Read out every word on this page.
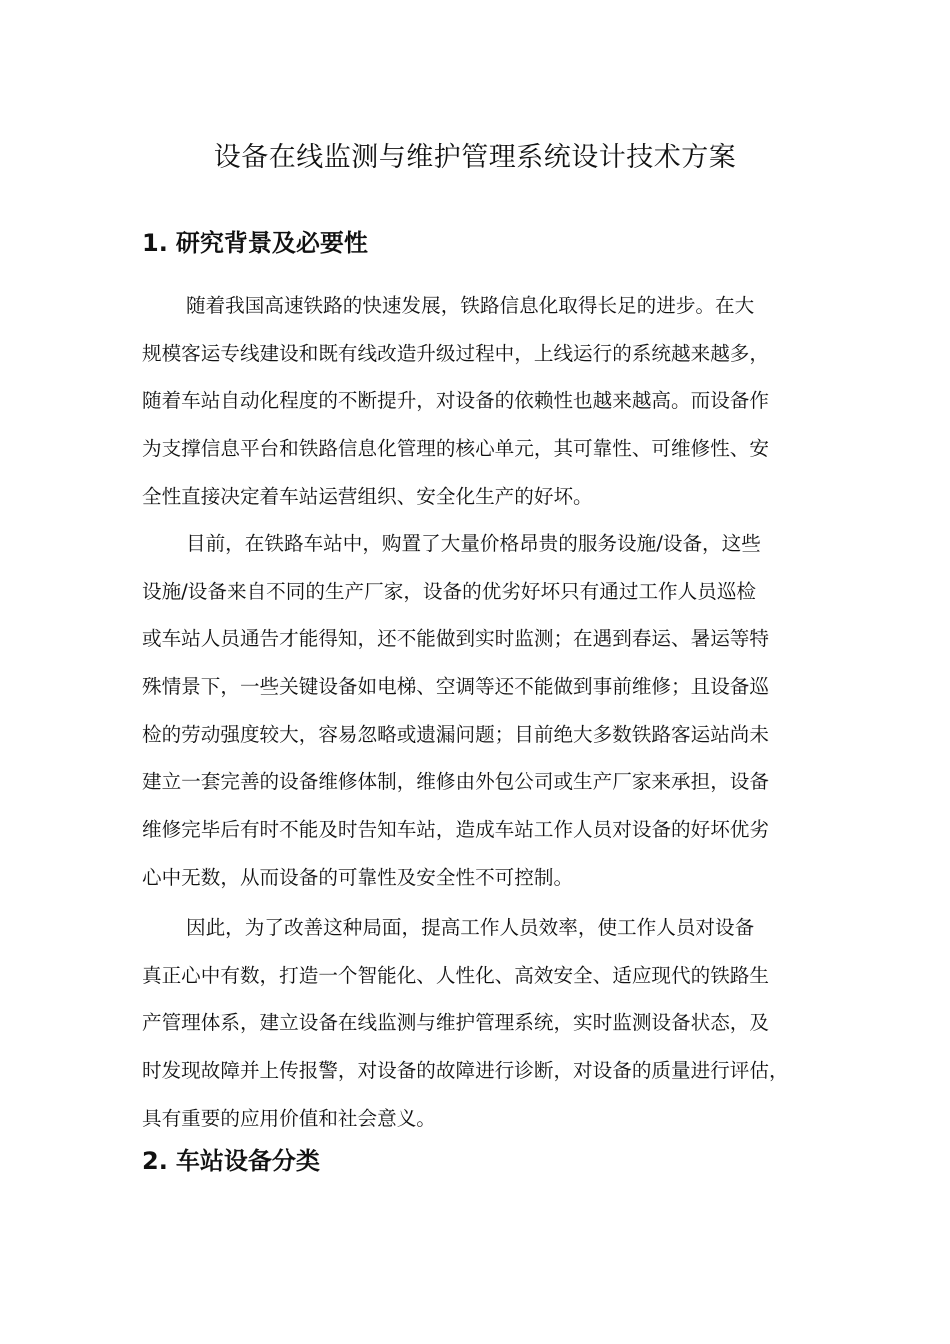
设备在线监测与维护管理系统设计技术方案
1. 研究背景及必要性
随着我国高速铁路的快速发展，铁路信息化取得长足的进步。在大
规模客运专线建设和既有线改造升级过程中，上线运行的系统越来越多，
随着车站自动化程度的不断提升，对设备的依赖性也越来越高。而设备作
为支撑信息平台和铁路信息化管理的核心单元，其可靠性、可维修性、安
全性直接决定着车站运营组织、安全化生产的好坏。
目前，在铁路车站中，购置了大量价格昂贵的服务设施/设备，这些
设施/设备来自不同的生产厂家，设备的优劣好坏只有通过工作人员巡检
或车站人员通告才能得知，还不能做到实时监测；在遇到春运、暑运等特
殊情景下，一些关键设备如电梯、空调等还不能做到事前维修；且设备巡
检的劳动强度较大，容易忽略或遗漏问题；目前绝大多数铁路客运站尚未
建立一套完善的设备维修体制，维修由外包公司或生产厂家来承担，设备
维修完毕后有时不能及时告知车站，造成车站工作人员对设备的好坏优劣
心中无数，从而设备的可靠性及安全性不可控制。
因此，为了改善这种局面，提高工作人员效率，使工作人员对设备
真正心中有数，打造一个智能化、人性化、高效安全、适应现代的铁路生
产管理体系，建立设备在线监测与维护管理系统，实时监测设备状态，及
时发现故障并上传报警，对设备的故障进行诊断，对设备的质量进行评估，
具有重要的应用价值和社会意义。
2. 车站设备分类
